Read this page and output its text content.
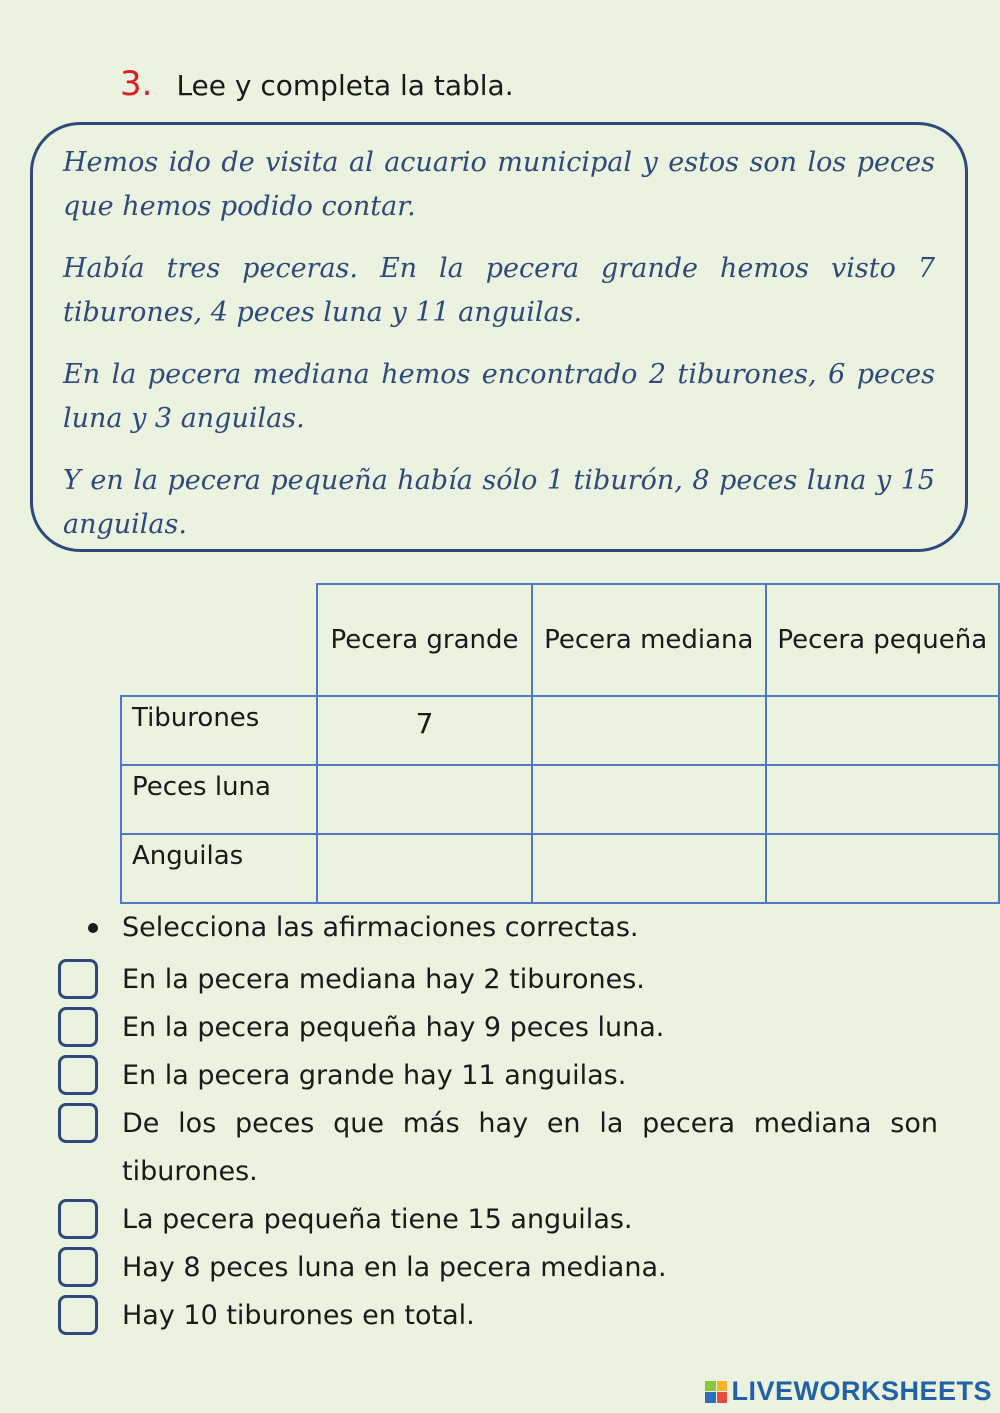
3. Lee y completa la tabla.

Hemos ido de visita al acuario municipal y estos son los peces que hemos podido contar.

Había tres peceras. En la pecera grande hemos visto 7 tiburones, 4 peces luna y 11 anguilas.

En la pecera mediana hemos encontrado 2 tiburones, 6 peces luna y 3 anguilas.

Y en la pecera pequeña había sólo 1 tiburón, 8 peces luna y 15 anguilas.

	Pecera grande	Pecera mediana	Pecera pequeña
Tiburones	7		
Peces luna			
Anguilas			
Selecciona las afirmaciones correctas.

En la pecera mediana hay 2 tiburones.

En la pecera pequeña hay 9 peces luna.

En la pecera grande hay 11 anguilas.

De los peces que más hay en la pecera mediana son tiburones.

La pecera pequeña tiene 15 anguilas.

Hay 8 peces luna en la pecera mediana.

Hay 10 tiburones en total.

LIVEWORKSHEETS
